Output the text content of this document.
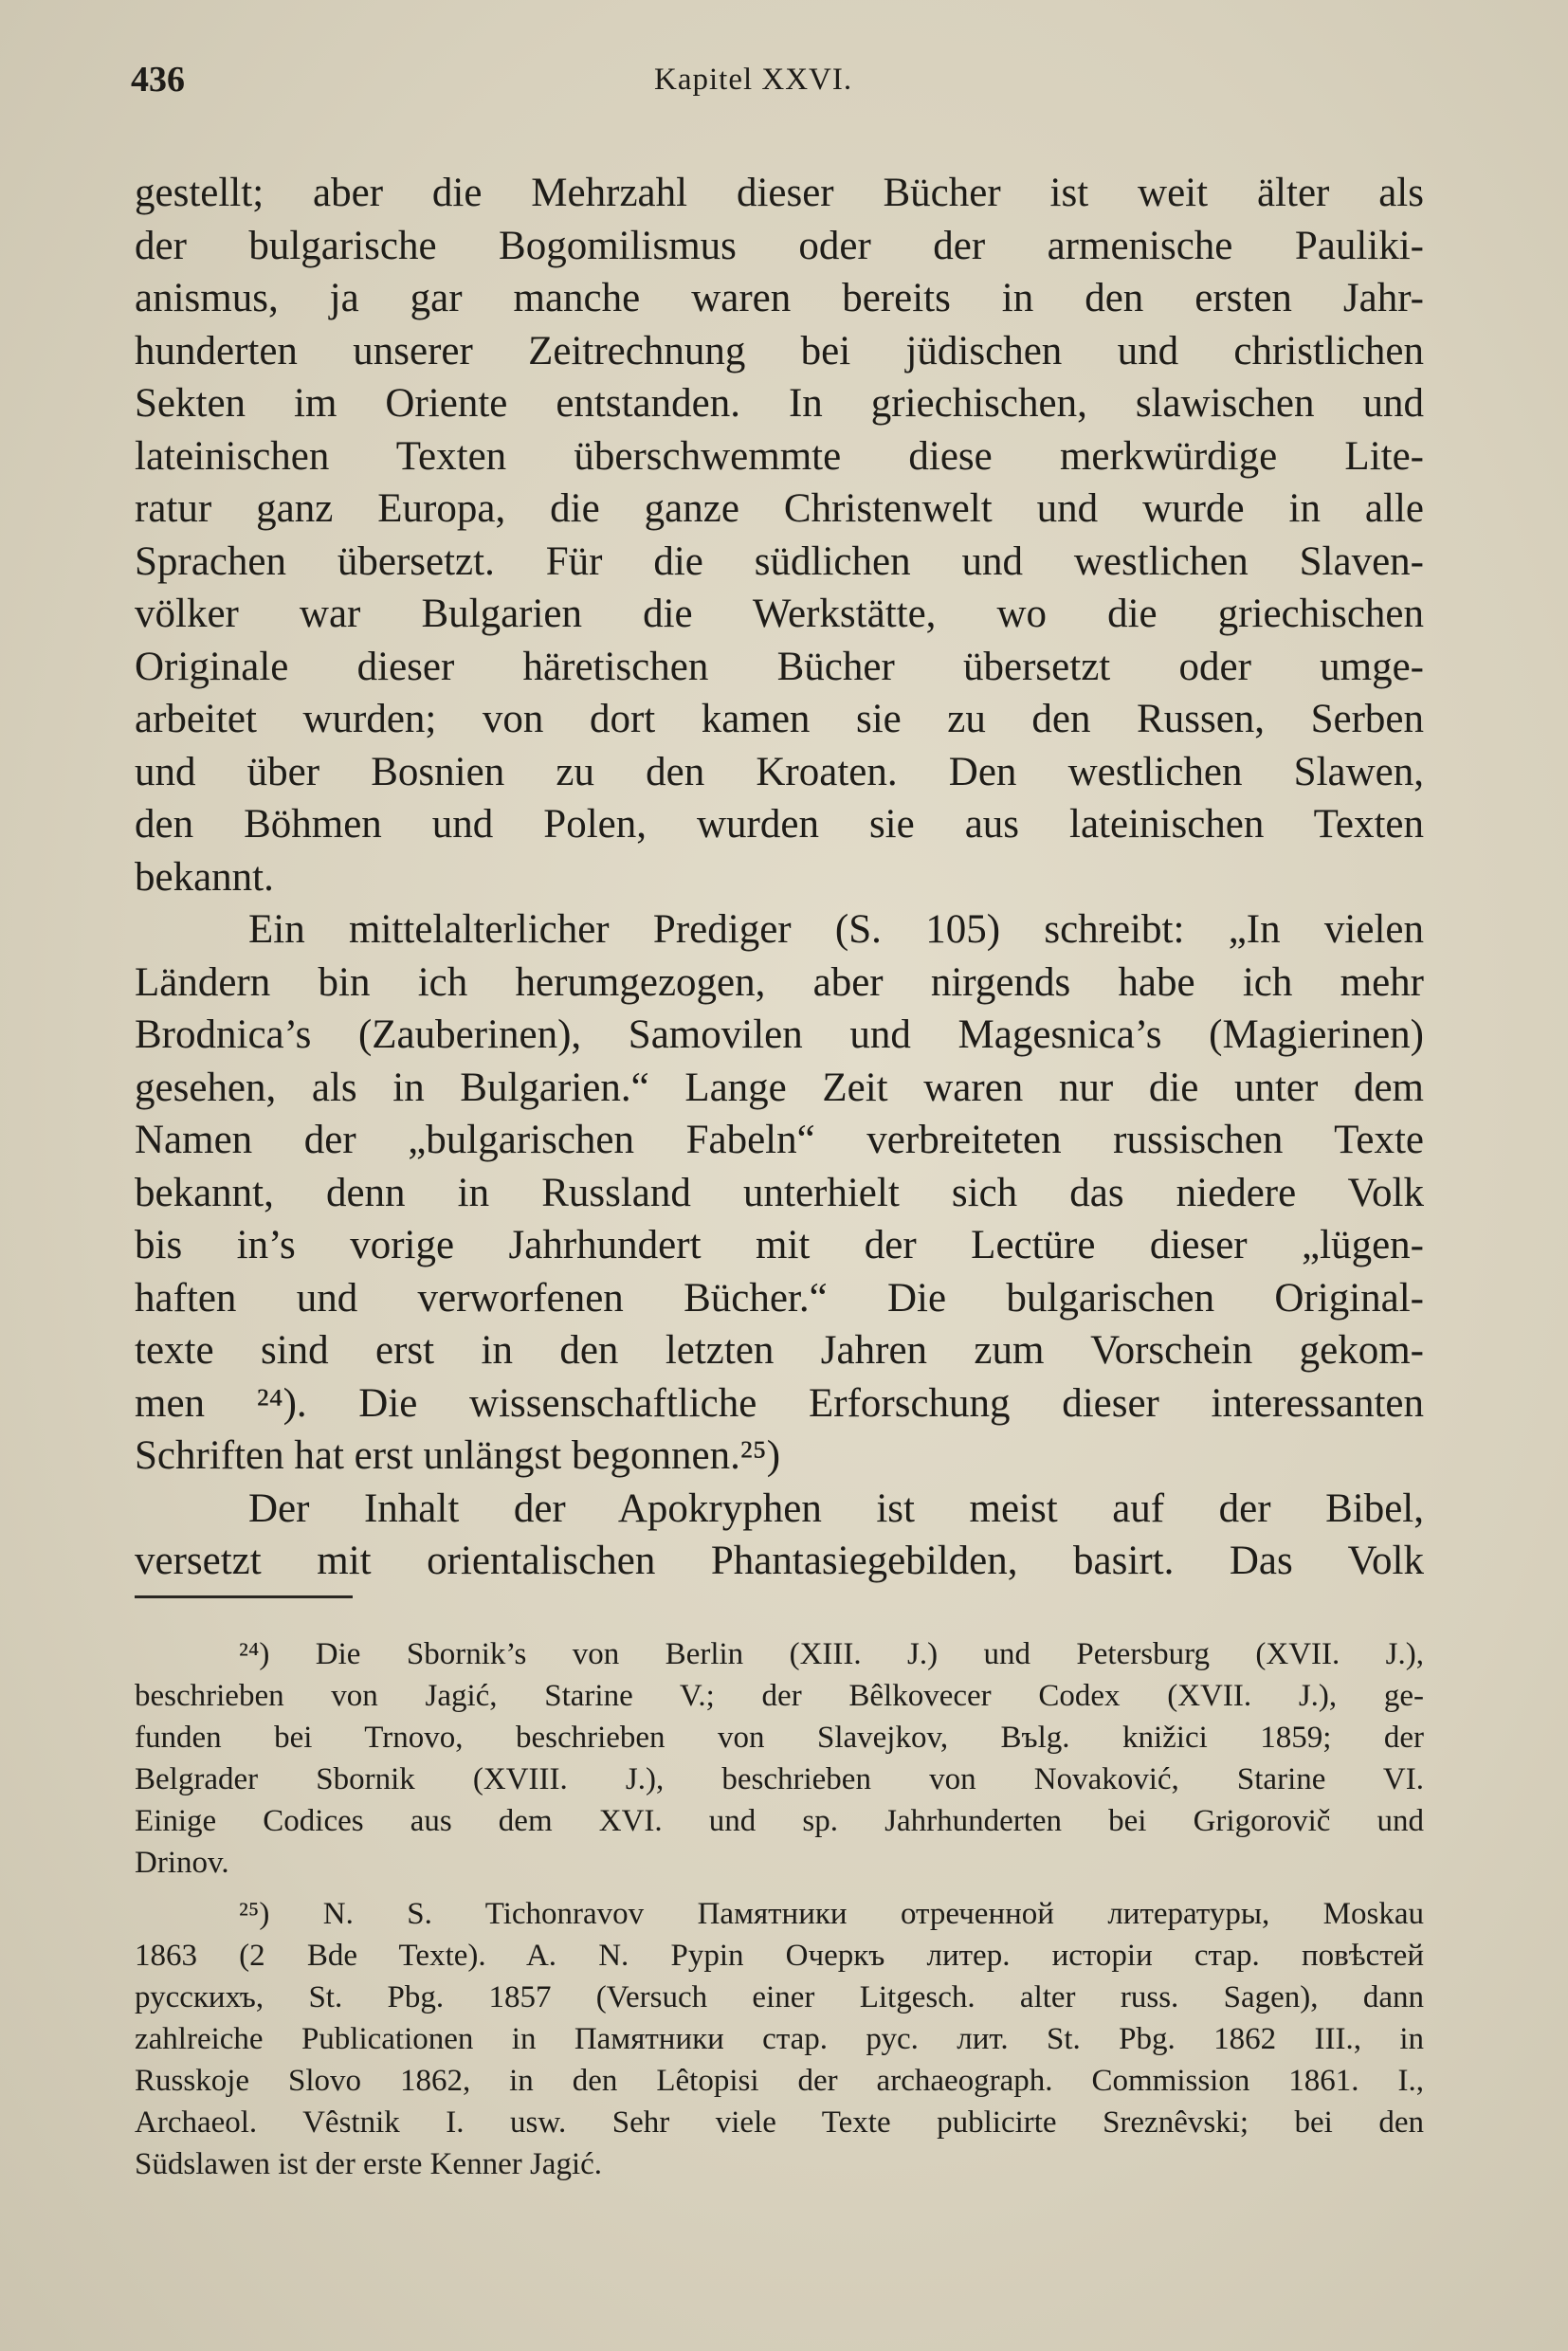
436	Kapitel XXVI.
gestellt; aber die Mehrzahl dieser Bücher ist weit älter als
der bulgarische Bogomilismus oder der armenische Pauliki-
anismus, ja gar manche waren bereits in den ersten Jahr-
hunderten unserer Zeitrechnung bei jüdischen und christlichen
Sekten im Oriente entstanden. In griechischen, slawischen und
lateinischen Texten überschwemmte diese merkwürdige Lite-
ratur ganz Europa, die ganze Christenwelt und wurde in alle
Sprachen übersetzt. Für die südlichen und westlichen Slaven-
völker war Bulgarien die Werkstätte, wo die griechischen
Originale dieser häretischen Bücher übersetzt oder umge-
arbeitet wurden; von dort kamen sie zu den Russen, Serben
und über Bosnien zu den Kroaten. Den westlichen Slawen,
den Böhmen und Polen, wurden sie aus lateinischen Texten
bekannt.
Ein mittelalterlicher Prediger (S. 105) schreibt: „In vielen
Ländern bin ich herumgezogen, aber nirgends habe ich mehr
Brodnica’s (Zauberinen), Samovilen und Magesnica’s (Magierinen)
gesehen, als in Bulgarien.“ Lange Zeit waren nur die unter dem
Namen der „bulgarischen Fabeln“ verbreiteten russischen Texte
bekannt, denn in Russland unterhielt sich das niedere Volk
bis in’s vorige Jahrhundert mit der Lectüre dieser „lügen-
haften und verworfenen Bücher.“ Die bulgarischen Original-
texte sind erst in den letzten Jahren zum Vorschein gekom-
men ²⁴). Die wissenschaftliche Erforschung dieser interessanten
Schriften hat erst unlängst begonnen.²⁵)
Der Inhalt der Apokryphen ist meist auf der Bibel,
versetzt mit orientalischen Phantasiegebilden, basirt. Das Volk
²⁴) Die Sbornik’s von Berlin (XIII. J.) und Petersburg (XVII. J.),
beschrieben von Jagić, Starine V.; der Bêlkovecer Codex (XVII. J.), ge-
funden bei Trnovo, beschrieben von Slavejkov, Bъlg. knižici 1859; der
Belgrader Sbornik (XVIII. J.), beschrieben von Novaković, Starine VI.
Einige Codices aus dem XVI. und sp. Jahrhunderten bei Grigorovič und
Drinov.
²⁵) N. S. Tichonravov Памятники отреченной литературы, Moskau
1863 (2 Bde Texte). A. N. Pypin Очеркъ литер. исторіи стар. повѣстей
русскихъ, St. Pbg. 1857 (Versuch einer Litgesch. alter russ. Sagen), dann
zahlreiche Publicationen in Памятники стар. рус. лит. St. Pbg. 1862 III., in
Russkoje Slovo 1862, in den Lêtopisi der archaeograph. Commission 1861. I.,
Archaeol. Vêstnik I. usw. Sehr viele Texte publicirte Sreznêvski; bei den
Südslawen ist der erste Kenner Jagić.
